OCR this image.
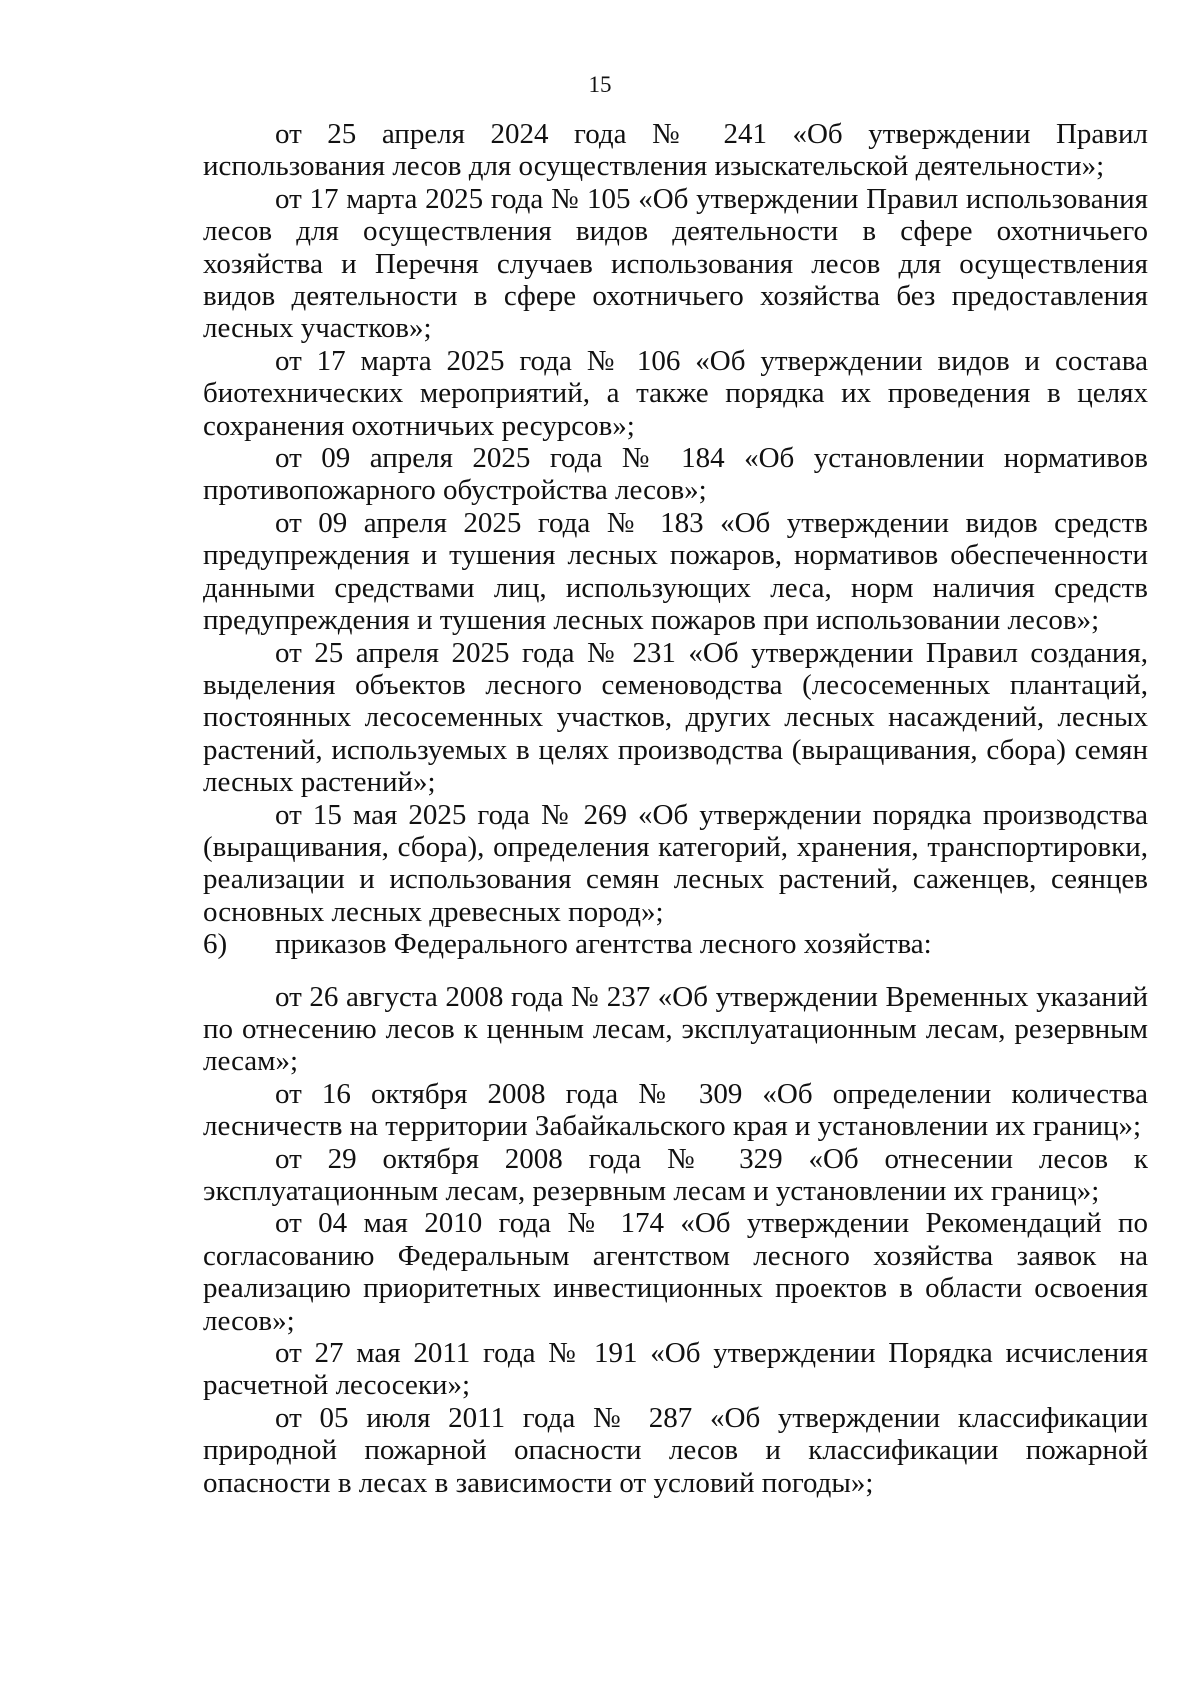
15

от 25 апреля 2024 года № 241 «Об утверждении Правил использования лесов для осуществления изыскательской деятельности»;

от 17 марта 2025 года № 105 «Об утверждении Правил использования лесов для осуществления видов деятельности в сфере охотничьего хозяйства и Перечня случаев использования лесов для осуществления видов деятельности в сфере охотничьего хозяйства без предоставления лесных участков»;

от 17 марта 2025 года № 106 «Об утверждении видов и состава биотехнических мероприятий, а также порядка их проведения в целях сохранения охотничьих ресурсов»;

от 09 апреля 2025 года № 184 «Об установлении нормативов противопожарного обустройства лесов»;

от 09 апреля 2025 года № 183 «Об утверждении видов средств предупреждения и тушения лесных пожаров, нормативов обеспеченности данными средствами лиц, использующих леса, норм наличия средств предупреждения и тушения лесных пожаров при использовании лесов»;

от 25 апреля 2025 года № 231 «Об утверждении Правил создания, выделения объектов лесного семеноводства (лесосеменных плантаций, постоянных лесосеменных участков, других лесных насаждений, лесных растений, используемых в целях производства (выращивания, сбора) семян лесных растений»;

от 15 мая 2025 года № 269 «Об утверждении порядка производства (выращивания, сбора), определения категорий, хранения, транспортировки, реализации и использования семян лесных растений, саженцев, сеянцев основных лесных древесных пород»;

6) приказов Федерального агентства лесного хозяйства:

от 26 августа 2008 года № 237 «Об утверждении Временных указаний по отнесению лесов к ценным лесам, эксплуатационным лесам, резервным лесам»;

от 16 октября 2008 года № 309 «Об определении количества лесничеств на территории Забайкальского края и установлении их границ»;

от 29 октября 2008 года № 329 «Об отнесении лесов к эксплуатационным лесам, резервным лесам и установлении их границ»;

от 04 мая 2010 года № 174 «Об утверждении Рекомендаций по согласованию Федеральным агентством лесного хозяйства заявок на реализацию приоритетных инвестиционных проектов в области освоения лесов»;

от 27 мая 2011 года № 191 «Об утверждении Порядка исчисления расчетной лесосеки»;

от 05 июля 2011 года № 287 «Об утверждении классификации природной пожарной опасности лесов и классификации пожарной опасности в лесах в зависимости от условий погоды»;
